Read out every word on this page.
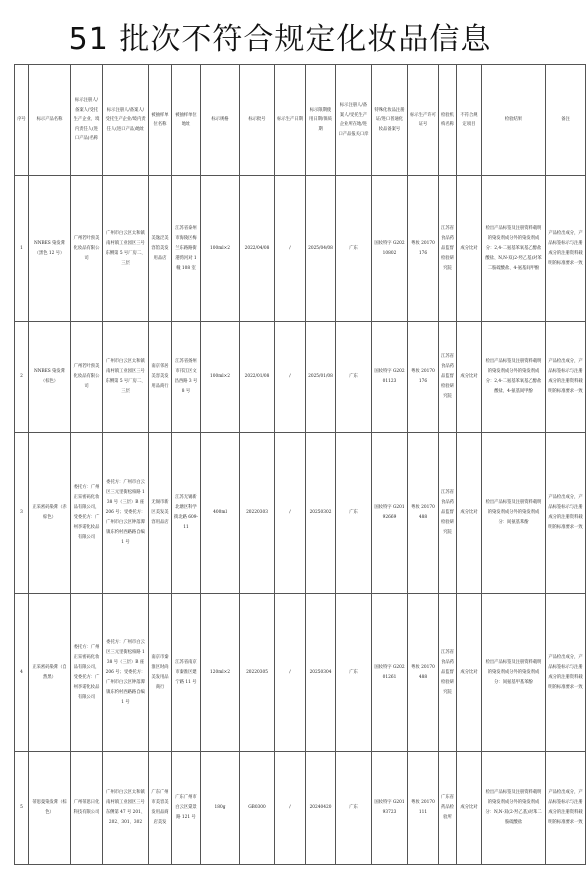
51 批次不符合规定化妆品信息
序号	标示产品名称	标示注册人/备案人/受托生产企业、境内责任人(进口产品)名称	标示注册人/备案人/受托生产企业/境内责任人(进口产品)地址	被抽样单位名称	被抽样单位地址	标示规格	标示批号	标示生产日期	标示限期使用日期/保质期	标示注册人/备案人/受托生产企业所在地/进口产品报关口岸	特殊化妆品注册证/进口普通化妆品备案号	标示生产许可证号	检验机构名称	不符合规定项目	检验结果	备注
1	NNBES 染发膏（黑色 12 号）	广州若叶预美化妆品有限公司	广州市白云区太和镇南村镇工业园区三号东侧第 5 号厂房二、三层	美逸泛美容馆美发用品店	江苏省泰州市海陵区梅兰东路路街港湾河对 1 幢 108 室	100ml×2	2022/04/08	/	2025/04/08	广东	国妆特字 G20210802	粤妆 20170176	江苏省食品药品监督检验研究院	成分比对	检出产品标签及注册资料载明的染发剂成分外的染发剂成分：2,4-二氨基苯氧基乙醇盐酸盐、N,N-双(2-羟乙基)对苯二胺硫酸盐、4-氨基间甲酚	产品检出成分，产品标签标示与注册成分的注册资料载明的标准要求一致
2	NNBES 染发膏（棕色）	广州若叶预美化妆品有限公司	广州市白云区太和镇南村镇工业园区三号东侧第 5 号厂房二、三层	南京邻居美容美发用品商行	江苏省扬州市邗江区文昌西路 3 号 8 号	100ml×2	2022/01/08	/	2025/01/08	广东	国妆特字 G20201123	粤妆 20170176	江苏省食品药品监督检验研究院	成分比对	检出产品标签及注册资料载明的染发剂成分外的染发剂成分：2,4-二氨基苯氧基乙醇盐酸盐、4-氨基间甲酚	产品检出成分，产品标签标示与注册成分的注册资料载明的标准要求一致
3	正采密码染膏（赤棕色）	委托方：广州正采密码化妆品有限公司，受委托方：广州李诺化妆品有限公司	委托方：广州市白云区三元里街松柏路 138 号（三层）B 座 206 号；受委托方：广州市白云区钟落潭镇东约村西路路自编 1 号	无锡市新区美发美容用品店	江苏无锡新北塘区科学街北路 609-11	400ml	20220303	/	20250302	广东	国妆特字 G20192669	粤妆 20170488	江苏省食品药品监督检验研究院	成分比对	检出产品标签及注册资料载明的染发剂成分外的染发剂成分：间氨基苯酚	产品检出成分，产品标签标示与注册成分的注册资料载明的标准要求一致
4	正采密码染膏（自然黑）	委托方：广州正采密码化妆品有限公司，受委托方：广州李诺化妆品有限公司	委托方：广州市白云区三元里街松柏路 138 号（三层）B 座 206 号；受委托方：广州市白云区钟落潭镇东约村西路路自编 1 号	南京市秦淮区时尚美发用品商行	江苏省南京市秦淮区建宁路 11 号	120ml×2	20220305	/	20250304	广东	国妆特字 G20201261	粤妆 20170488	江苏省食品药品监督检验研究院	成分比对	检出产品标签及注册资料载明的染发剂成分外的染发剂成分：间氨基甲基苯酚	产品检出成分，产品标签标示与注册成分的注册资料载明的标准要求一致
5	蒂思曼染发膏（棕色）	广州蒂思日化科技有限公司	广州市白云区太和镇南村镇工业园区三号东侧第 47 号 201、202、301、302	广东广州市美容美发用品商店美发	广东广州市白云区棠景路 121 号	180g	GB0300	/	20240420	广东	国妆特字 G20193723	粤妆 20170111	广东省药品检验所	成分比对	检出产品标签及注册资料载明的染发剂成分外的染发剂成分：N,N-双(2-羟乙基)对苯二胺硫酸盐	产品检出成分，产品标签标示与注册成分的注册资料载明的标准要求一致
